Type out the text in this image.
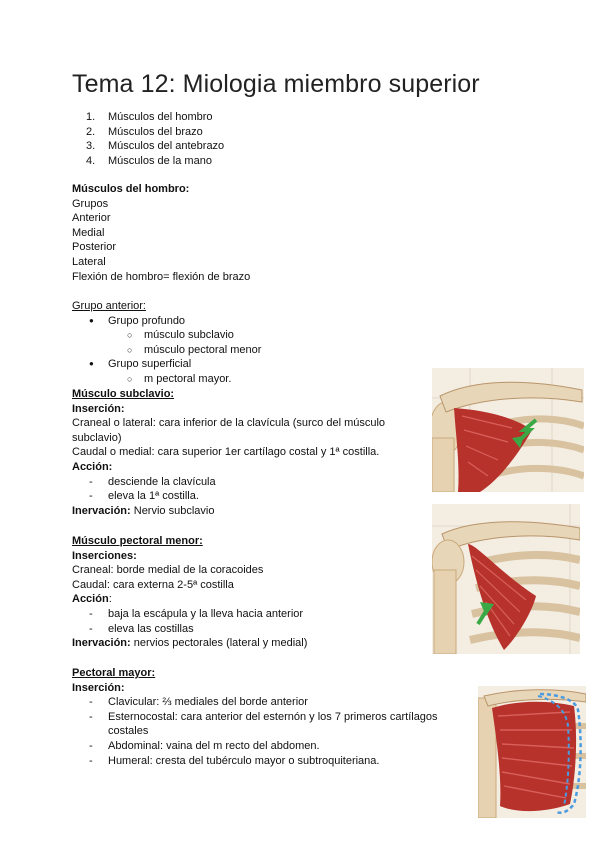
Tema 12: Miologia miembro superior
1. Músculos del hombro
2. Músculos del brazo
3. Músculos del antebrazo
4. Músculos de la mano
Músculos del hombro:
Grupos
Anterior
Medial
Posterior
Lateral
Flexión de hombro= flexión de brazo
Grupo anterior:
● Grupo profundo
○ músculo subclavio
○ músculo pectoral menor
● Grupo superficial
○ m pectoral mayor.
Músculo subclavio:
Inserción:
Craneal o lateral: cara inferior de la clavícula (surco del músculo
subclavio)
Caudal o medial: cara superior 1er cartílago costal y 1ª costilla.
Acción:
- desciende la clavícula
- eleva la 1ª costilla.
Inervación: Nervio subclavio
Músculo pectoral menor:
Inserciones:
Craneal: borde medial de la coracoides
Caudal: cara externa 2-5ª costilla
Acción:
- baja la escápula y la lleva hacia anterior
- eleva las costillas
Inervación: nervios pectorales (lateral y medial)
Pectoral mayor:
Inserción:
- Clavicular: ⅔ mediales del borde anterior
- Esternocostal: cara anterior del esternón y los 7 primeros cartílagos
costales
- Abdominal: vaina del m recto del abdomen.
- Humeral: cresta del tubérculo mayor o subtroquiteriana.
